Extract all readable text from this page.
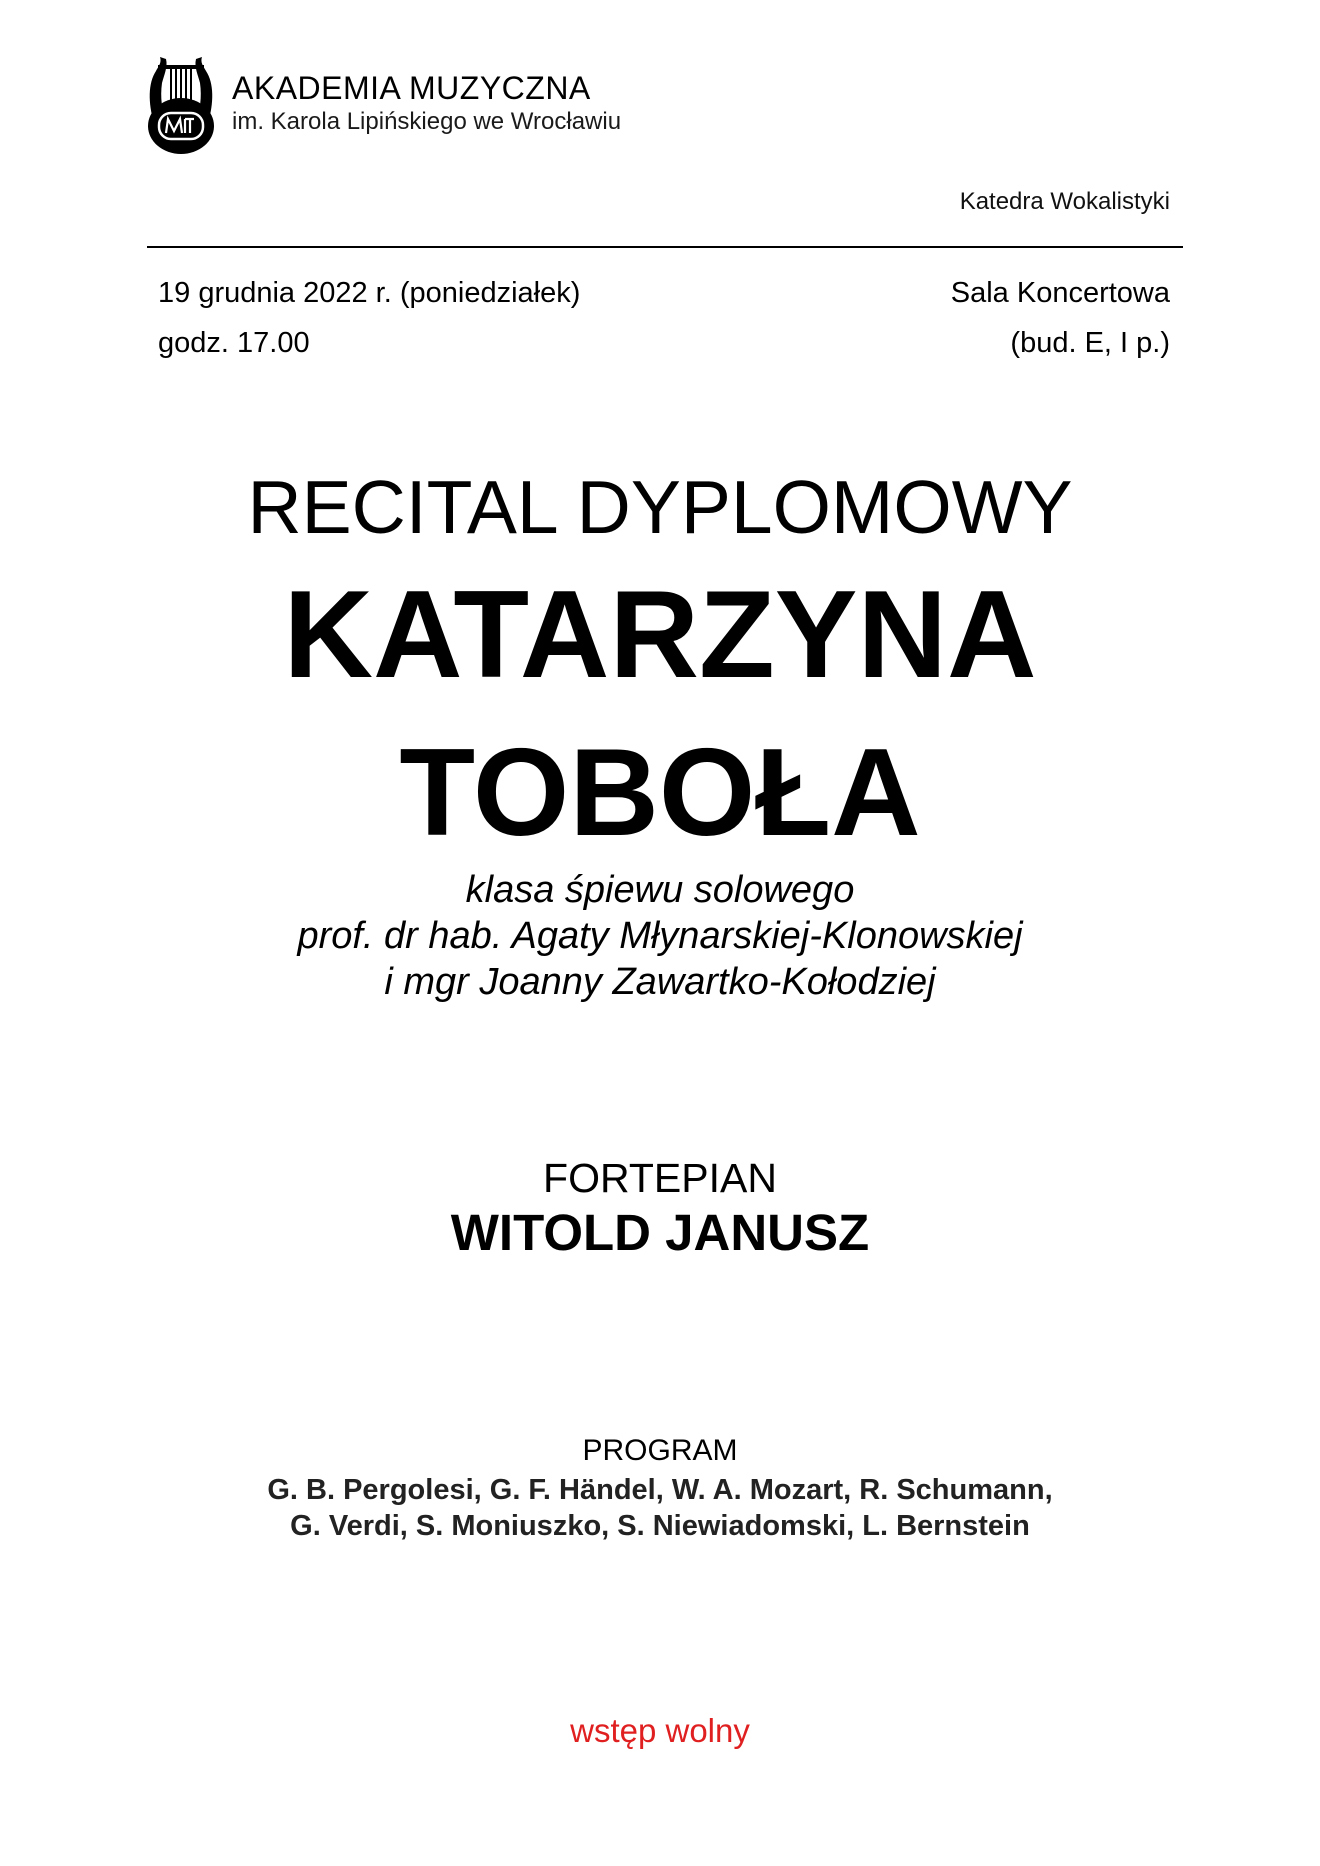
AKADEMIA MUZYCZNA
im. Karola Lipińskiego we Wrocławiu
Katedra Wokalistyki
19 grudnia 2022 r. (poniedziałek)
godz. 17.00
Sala Koncertowa
(bud. E, I p.)
RECITAL DYPLOMOWY
KATARZYNA
TOBOŁA
klasa śpiewu solowego
prof. dr hab. Agaty Młynarskiej-Klonowskiej
i mgr Joanny Zawartko-Kołodziej
FORTEPIAN
WITOLD JANUSZ
PROGRAM
G. B. Pergolesi, G. F. Händel, W. A. Mozart, R. Schumann,
G. Verdi, S. Moniuszko, S. Niewiadomski, L. Bernstein
wstęp wolny
